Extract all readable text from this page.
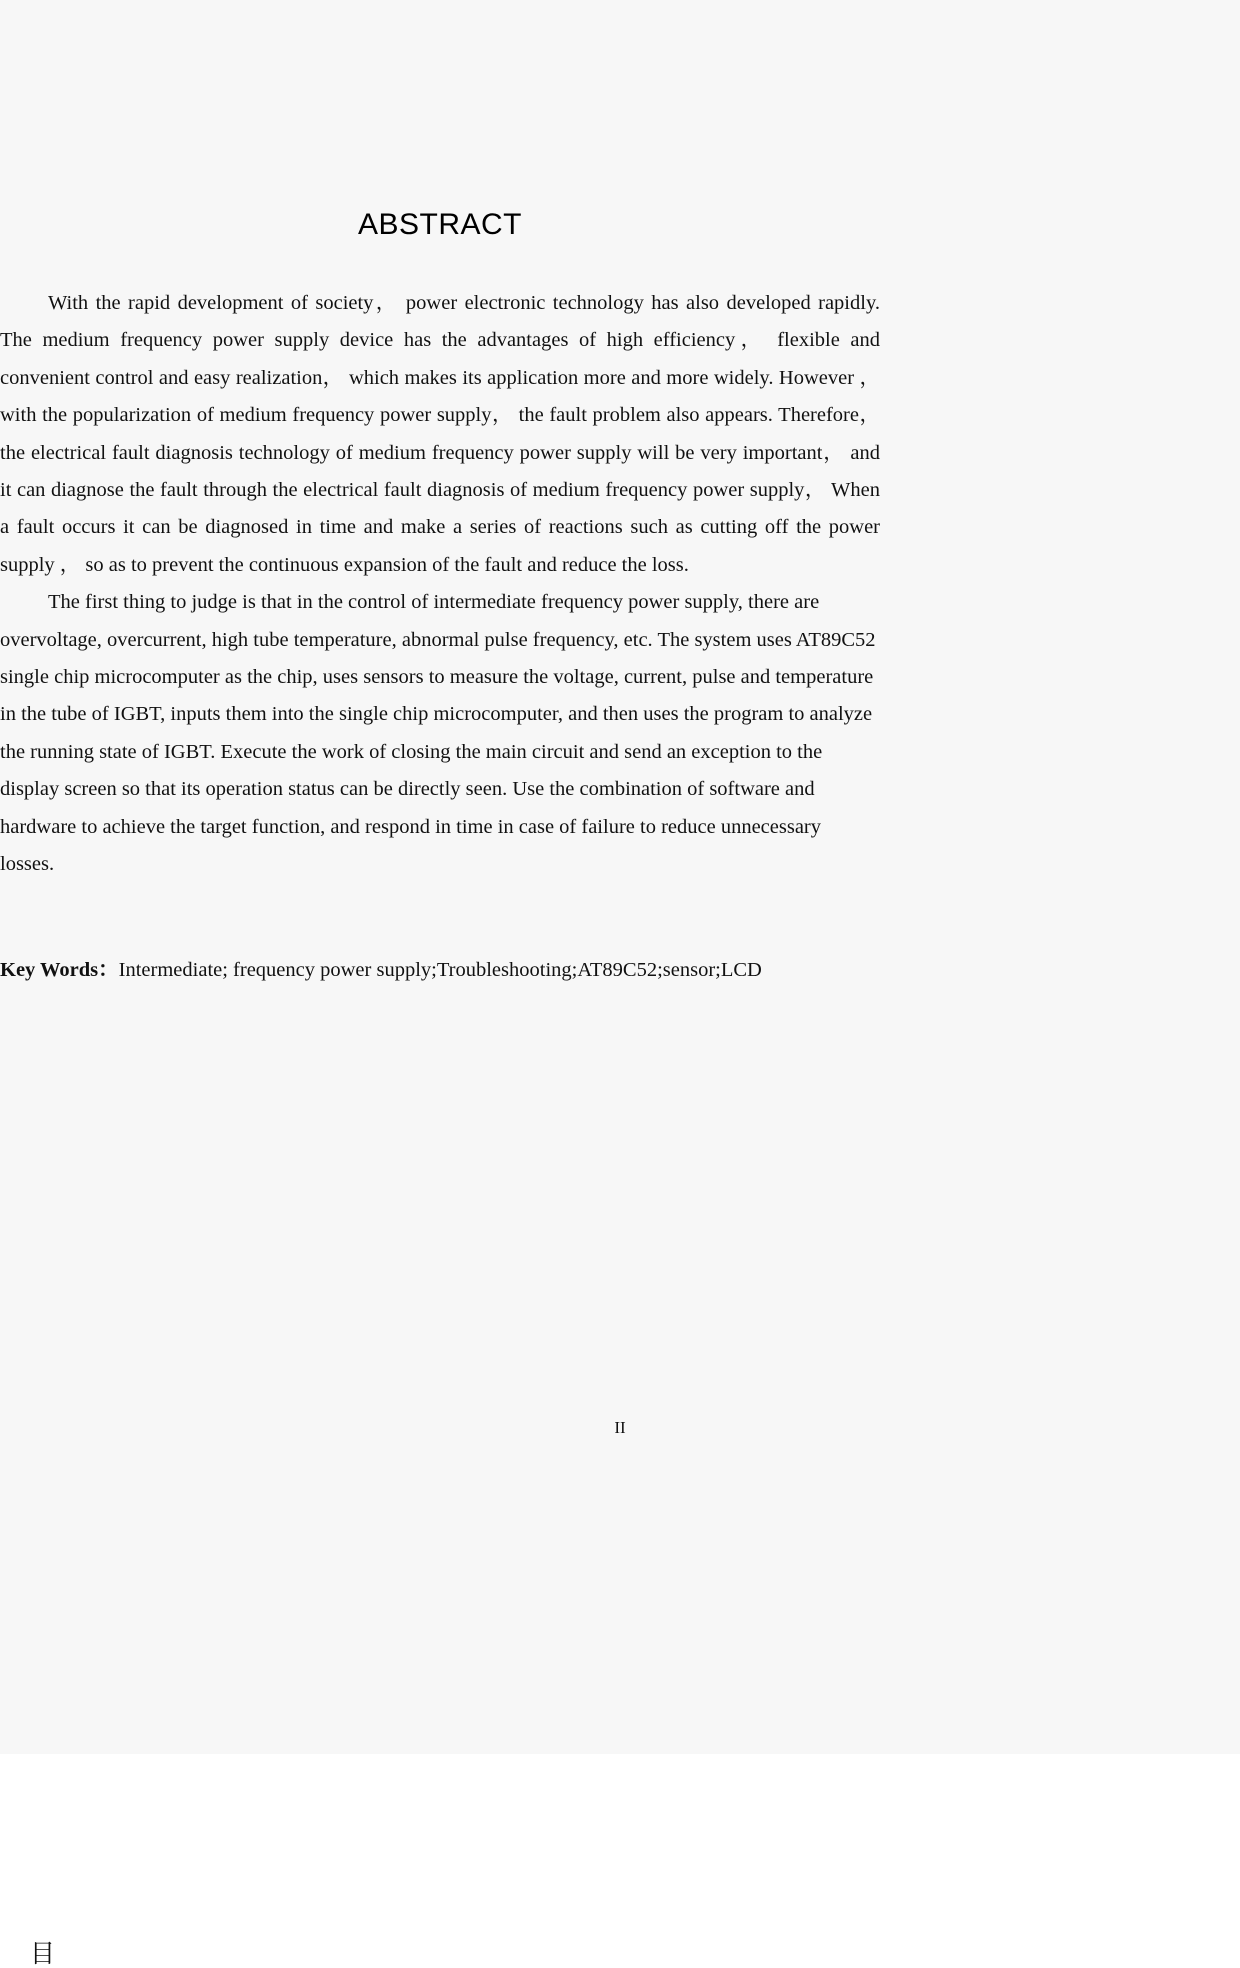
ABSTRACT

With the rapid development of society， power electronic technology has also developed rapidly. The medium frequency power supply device has the advantages of high efficiency， flexible and convenient control and easy realization， which makes its application more and more widely. However ， with the popularization of medium frequency power supply， the fault problem also appears. Therefore， the electrical fault diagnosis technology of medium frequency power supply will be very important， and it can diagnose the fault through the electrical fault diagnosis of medium frequency power supply， When a fault occurs it can be diagnosed in time and make a series of reactions such as cutting off the power supply ， so as to prevent the continuous expansion of the fault and reduce the loss.

The first thing to judge is that in the control of intermediate frequency power supply, there are overvoltage, overcurrent, high tube temperature, abnormal pulse frequency, etc. The system uses AT89C52 single chip microcomputer as the chip, uses sensors to measure the voltage, current, pulse and temperature in the tube of IGBT, inputs them into the single chip microcomputer, and then uses the program to analyze the running state of IGBT. Execute the work of closing the main circuit and send an exception to the display screen so that its operation status can be directly seen. Use the combination of software and hardware to achieve the target function, and respond in time in case of failure to reduce unnecessary losses.

Key Words：Intermediate; frequency power supply;Troubleshooting;AT89C52;sensor;LCD
目
II
